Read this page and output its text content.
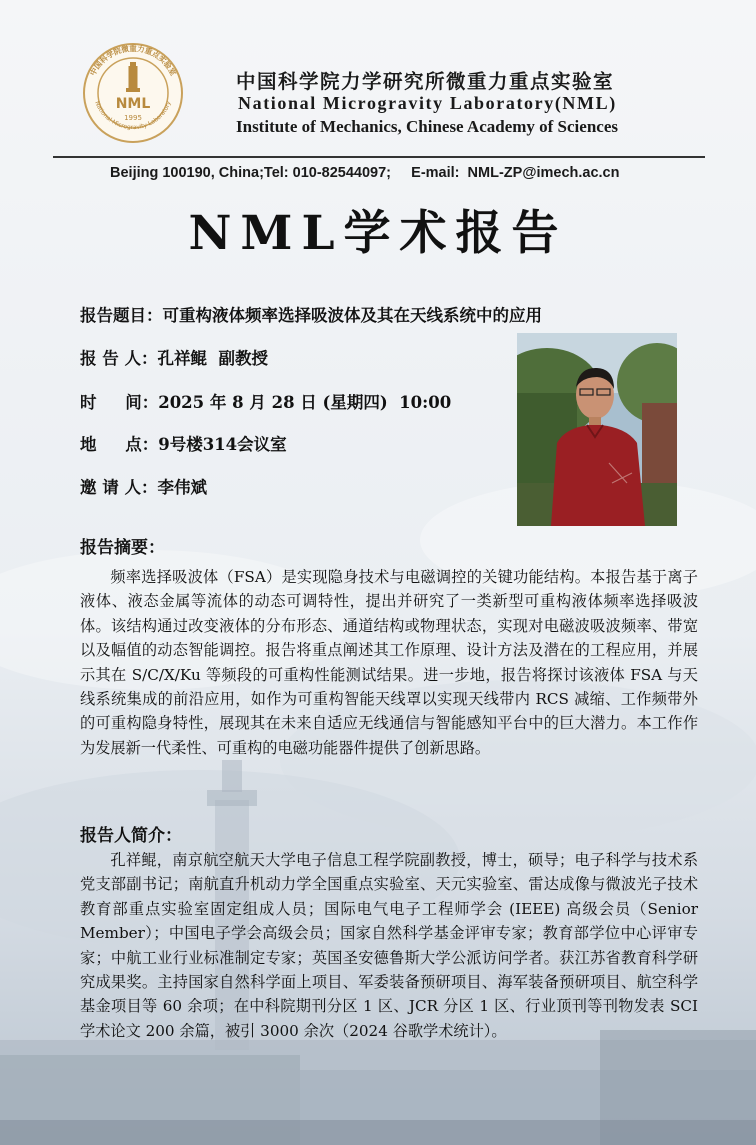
中国科学院微重力重点实验室
National Microgravity Laboratory
NML
1995
中国科学院力学研究所微重力重点实验室
National Microgravity Laboratory(NML)
Institute of Mechanics, Chinese Academy of Sciences
Beijing 100190, China;Tel: 010-82544097;     E-mail:  NML-ZP@imech.ac.cn
NML学术报告
报告题目：可重构液体频率选择吸波体及其在天线系统中的应用
报 告 人：孔祥鲲  副教授
时     间：2025 年 8 月 28 日 (星期四)  10:00
地     点：9号楼314会议室
邀 请 人：李伟斌
报告摘要：

频率选择吸波体（FSA）是实现隐身技术与电磁调控的关键功能结构。本报告基于离子液体、液态金属等流体的动态可调特性，提出并研究了一类新型可重构液体频率选择吸波体。该结构通过改变液体的分布形态、通道结构或物理状态，实现对电磁波吸波频率、带宽以及幅值的动态智能调控。报告将重点阐述其工作原理、设计方法及潜在的工程应用，并展示其在 S/C/X/Ku 等频段的可重构性能测试结果。进一步地，报告将探讨该液体 FSA 与天线系统集成的前沿应用，如作为可重构智能天线罩以实现天线带内 RCS 减缩、工作频带外的可重构隐身特性，展现其在未来自适应无线通信与智能感知平台中的巨大潜力。本工作作为发展新一代柔性、可重构的电磁功能器件提供了创新思路。

报告人简介：

孔祥鲲，南京航空航天大学电子信息工程学院副教授，博士，硕导；电子科学与技术系党支部副书记；南航直升机动力学全国重点实验室、天元实验室、雷达成像与微波光子技术教育部重点实验室固定组成人员；国际电气电子工程师学会 (IEEE) 高级会员（Senior Member）；中国电子学会高级会员；国家自然科学基金评审专家；教育部学位中心评审专家；中航工业行业标准制定专家；英国圣安德鲁斯大学公派访问学者。获江苏省教育科学研究成果奖。主持国家自然科学面上项目、军委装备预研项目、海军装备预研项目、航空科学基金项目等 60 余项；在中科院期刊分区 1 区、JCR 分区 1 区、行业顶刊等刊物发表 SCI 学术论文 200 余篇，被引 3000 余次（2024 谷歌学术统计）。
